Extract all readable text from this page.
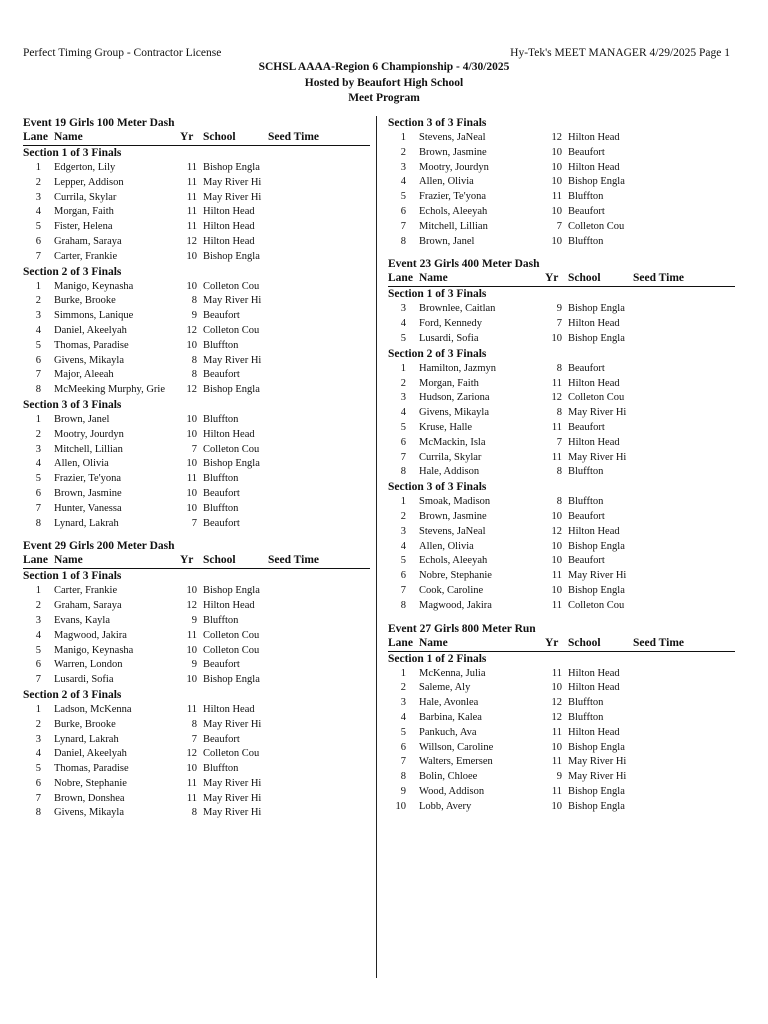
Perfect Timing Group - Contractor License	Hy-Tek's MEET MANAGER 4/29/2025 Page 1
SCHSL AAAA-Region 6 Championship - 4/30/2025
Hosted by Beaufort High School
Meet Program
Event 19 Girls 100 Meter Dash
Lane Name	Yr School	Seed Time
Section 1 of 3 Finals
1 Edgerton, Lily	11 Bishop Engla
2 Lepper, Addison	11 May River Hi
3 Currila, Skylar	11 May River Hi
4 Morgan, Faith	11 Hilton Head
5 Fister, Helena	11 Hilton Head
6 Graham, Saraya	12 Hilton Head
7 Carter, Frankie	10 Bishop Engla
Section 2 of 3 Finals
1 Manigo, Keynasha	10 Colleton Cou
2 Burke, Brooke	8 May River Hi
3 Simmons, Lanique	9 Beaufort
4 Daniel, Akeelyah	12 Colleton Cou
5 Thomas, Paradise	10 Bluffton
6 Givens, Mikayla	8 May River Hi
7 Major, Aleeah	8 Beaufort
8 McMeeking Murphy, Grie	12 Bishop Engla
Section 3 of 3 Finals
1 Brown, Janel	10 Bluffton
2 Mootry, Jourdyn	10 Hilton Head
3 Mitchell, Lillian	7 Colleton Cou
4 Allen, Olivia	10 Bishop Engla
5 Frazier, Te'yona	11 Bluffton
6 Brown, Jasmine	10 Beaufort
7 Hunter, Vanessa	10 Bluffton
8 Lynard, Lakrah	7 Beaufort
Event 29 Girls 200 Meter Dash
Lane Name	Yr School	Seed Time
Section 1 of 3 Finals
1 Carter, Frankie	10 Bishop Engla
2 Graham, Saraya	12 Hilton Head
3 Evans, Kayla	9 Bluffton
4 Magwood, Jakira	11 Colleton Cou
5 Manigo, Keynasha	10 Colleton Cou
6 Warren, London	9 Beaufort
7 Lusardi, Sofia	10 Bishop Engla
Section 2 of 3 Finals
1 Ladson, McKenna	11 Hilton Head
2 Burke, Brooke	8 May River Hi
3 Lynard, Lakrah	7 Beaufort
4 Daniel, Akeelyah	12 Colleton Cou
5 Thomas, Paradise	10 Bluffton
6 Nobre, Stephanie	11 May River Hi
7 Brown, Donshea	11 May River Hi
8 Givens, Mikayla	8 May River Hi
Section 3 of 3 Finals
1 Stevens, JaNeal	12 Hilton Head
2 Brown, Jasmine	10 Beaufort
3 Mootry, Jourdyn	10 Hilton Head
4 Allen, Olivia	10 Bishop Engla
5 Frazier, Te'yona	11 Bluffton
6 Echols, Aleeyah	10 Beaufort
7 Mitchell, Lillian	7 Colleton Cou
8 Brown, Janel	10 Bluffton
Event 23 Girls 400 Meter Dash
Lane Name	Yr School	Seed Time
Section 1 of 3 Finals
3 Brownlee, Caitlan	9 Bishop Engla
4 Ford, Kennedy	7 Hilton Head
5 Lusardi, Sofia	10 Bishop Engla
Section 2 of 3 Finals
1 Hamilton, Jazmyn	8 Beaufort
2 Morgan, Faith	11 Hilton Head
3 Hudson, Zariona	12 Colleton Cou
4 Givens, Mikayla	8 May River Hi
5 Kruse, Halle	11 Beaufort
6 McMackin, Isla	7 Hilton Head
7 Currila, Skylar	11 May River Hi
8 Hale, Addison	8 Bluffton
Section 3 of 3 Finals
1 Smoak, Madison	8 Bluffton
2 Brown, Jasmine	10 Beaufort
3 Stevens, JaNeal	12 Hilton Head
4 Allen, Olivia	10 Bishop Engla
5 Echols, Aleeyah	10 Beaufort
6 Nobre, Stephanie	11 May River Hi
7 Cook, Caroline	10 Bishop Engla
8 Magwood, Jakira	11 Colleton Cou
Event 27 Girls 800 Meter Run
Lane Name	Yr School	Seed Time
Section 1 of 2 Finals
1 McKenna, Julia	11 Hilton Head
2 Saleme, Aly	10 Hilton Head
3 Hale, Avonlea	12 Bluffton
4 Barbina, Kalea	12 Bluffton
5 Pankuch, Ava	11 Hilton Head
6 Willson, Caroline	10 Bishop Engla
7 Walters, Emersen	11 May River Hi
8 Bolin, Chloee	9 May River Hi
9 Wood, Addison	11 Bishop Engla
10 Lobb, Avery	10 Bishop Engla
